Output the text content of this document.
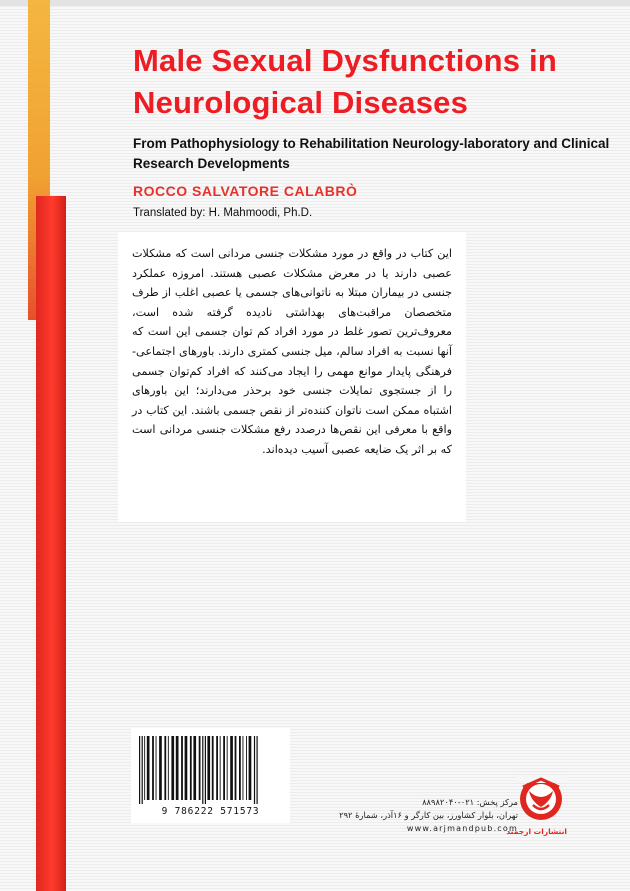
Male Sexual Dysfunctions in Neurological Diseases

From Pathophysiology to Rehabilitation Neurology-laboratory and Clinical Research Developments

ROCCO SALVATORE CALABRÒ
Translated by: H. Mahmoodi, Ph.D.

این کتاب در واقع در مورد مشکلات جنسی مردانی است که مشکلات عصبی دارند یا در معرض مشکلات عصبی هستند. امروزه عملکرد جنسی در بیماران مبتلا به ناتوانی‌های جسمی یا عصبی اغلب از طرف متخصصان مراقبت‌های بهداشتی نادیده گرفته شده است، معروف‌ترین تصور غلط در مورد افراد کم توان جسمی این است که آنها نسبت به افراد سالم، میل جنسی کمتری دارند. باورهای اجتماعی-فرهنگی پایدار موانع مهمی را ایجاد می‌کنند که افراد کم‌توان جسمی را از جستجوی تمایلات جنسی خود برحذر می‌دارند؛ این باورهای اشتباه ممکن است ناتوان کننده‌تر از نقص جسمی باشند. این کتاب در واقع با معرفی این نقص‌ها درصدد رفع مشکلات جنسی مردانی است که بر اثر یک ضایعه عصبی آسیب دیده‌اند.

9 786222 571573
مرکز پخش: ۰۲۱-۸۸۹۸۲۰۴۰
تهران، بلوار کشاورز، بین کارگر و ۱۶آذر، شمارهٔ ۲۹۲
www.arjmandpub.com
انتشارات ارجمند
